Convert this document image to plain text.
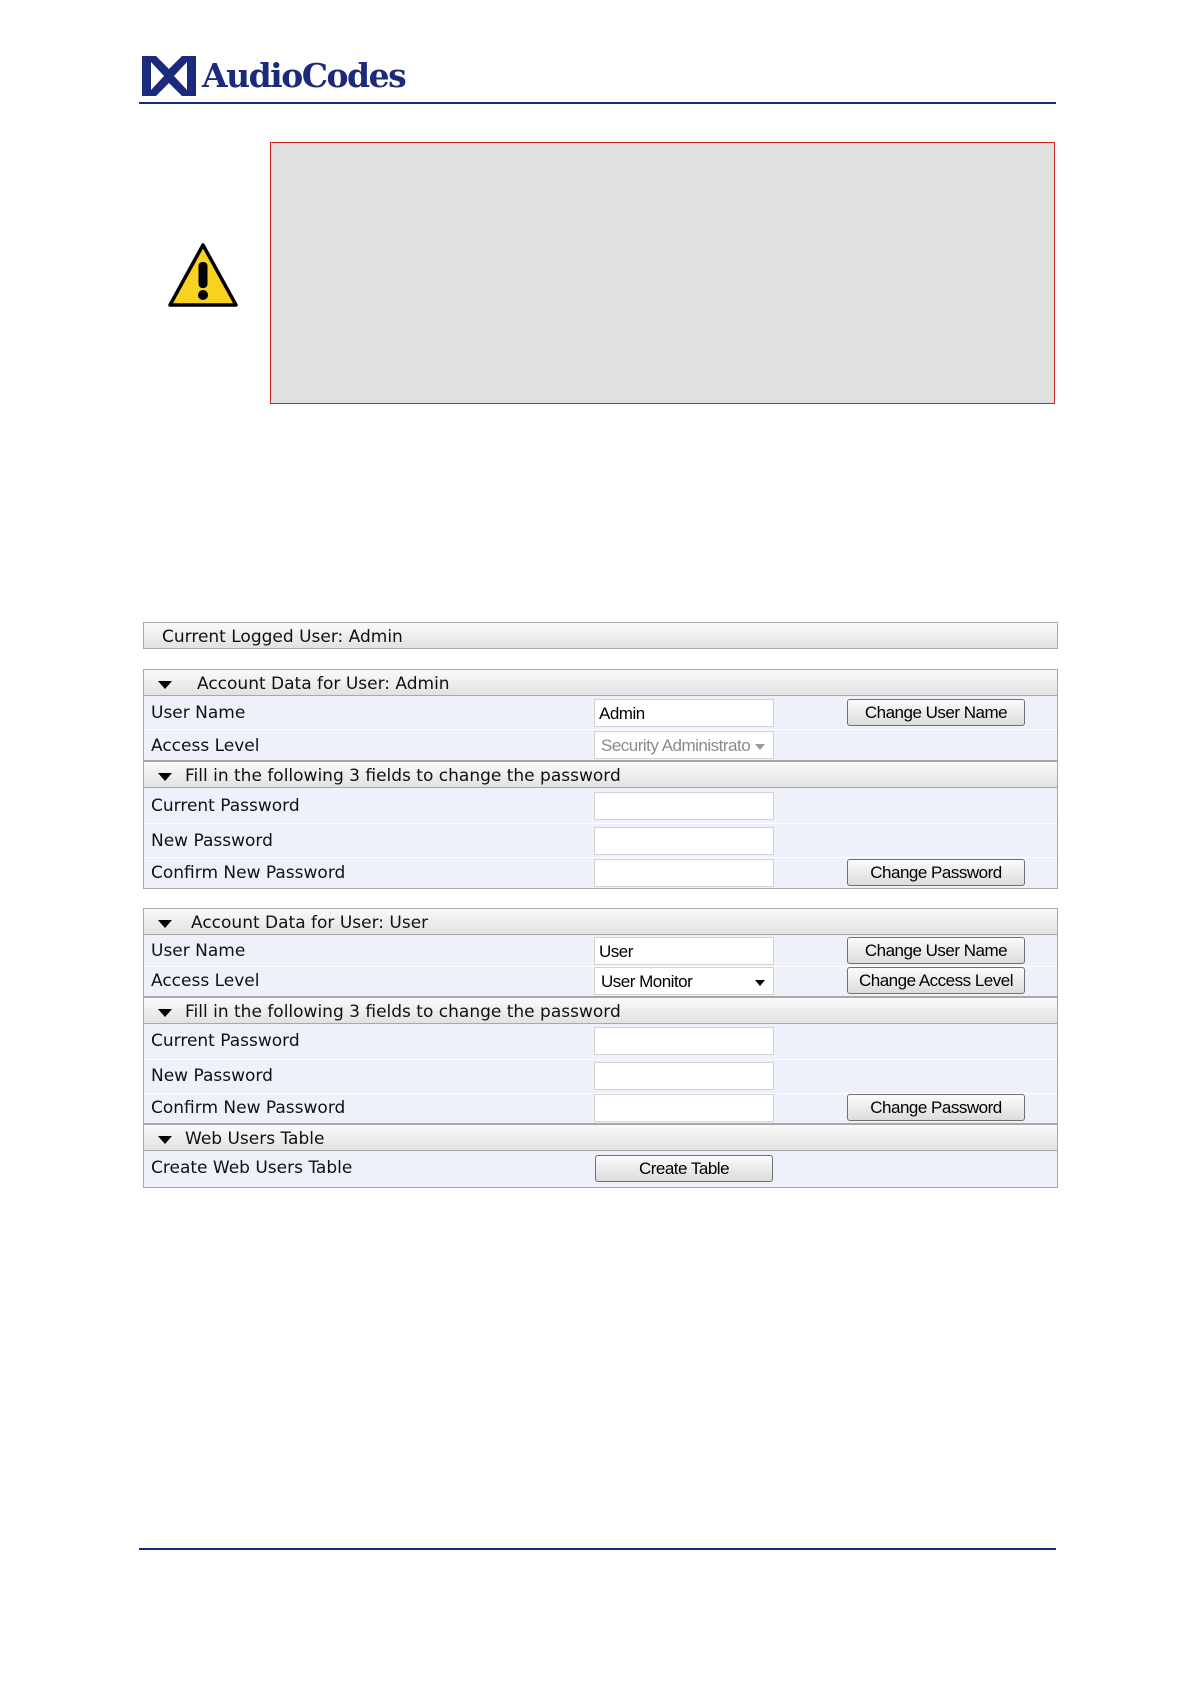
AudioCodes
Current Logged User: Admin
Account Data for User: Admin
User Name	Admin	Change User Name
Access Level	Security Administrato
Fill in the following 3 fields to change the password
Current Password
New Password
Confirm New Password	Change Password
Account Data for User: User
User Name	User	Change User Name
Access Level	User Monitor	Change Access Level
Fill in the following 3 fields to change the password
Current Password
New Password
Confirm New Password	Change Password
Web Users Table
Create Web Users Table	Create Table
